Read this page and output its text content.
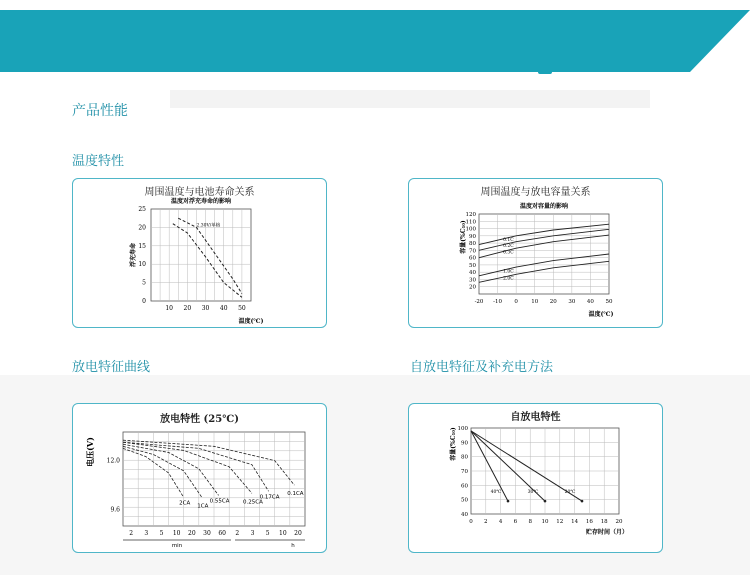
产品性能
温度特性
放电特征曲线	自放电特征及补充电方法
周围温度与电池寿命关系
温度对浮充寿命的影响
0
5
10
15
20
25
10 20 30 40 50
温度(℃)
浮充寿命
2.30V/单格
周围温度与放电容量关系
温度对容量的影响
20
30
40
50
60
70
80
90
100
110
120
-20 -10 0 10 20 30 40 50
温度(℃)
容量(%C₁₀)	0.1C
0.2C
0.3C
1.0C
2.0C
放电特性 (25℃)
12.0
9.6
电压(V)
2 3 5 10 20 30 60 2 3 5 10 20
min	h
2CA 1CA
0.55CA 0.25CA
0.17CA
0.1CA
自放电特性
40
50
60
70
80
90
100
0 2 4 6 8 10 12 14 16 18 20
贮存时间（月）
容量(%C₁₀)
40℃	30℃	20℃
